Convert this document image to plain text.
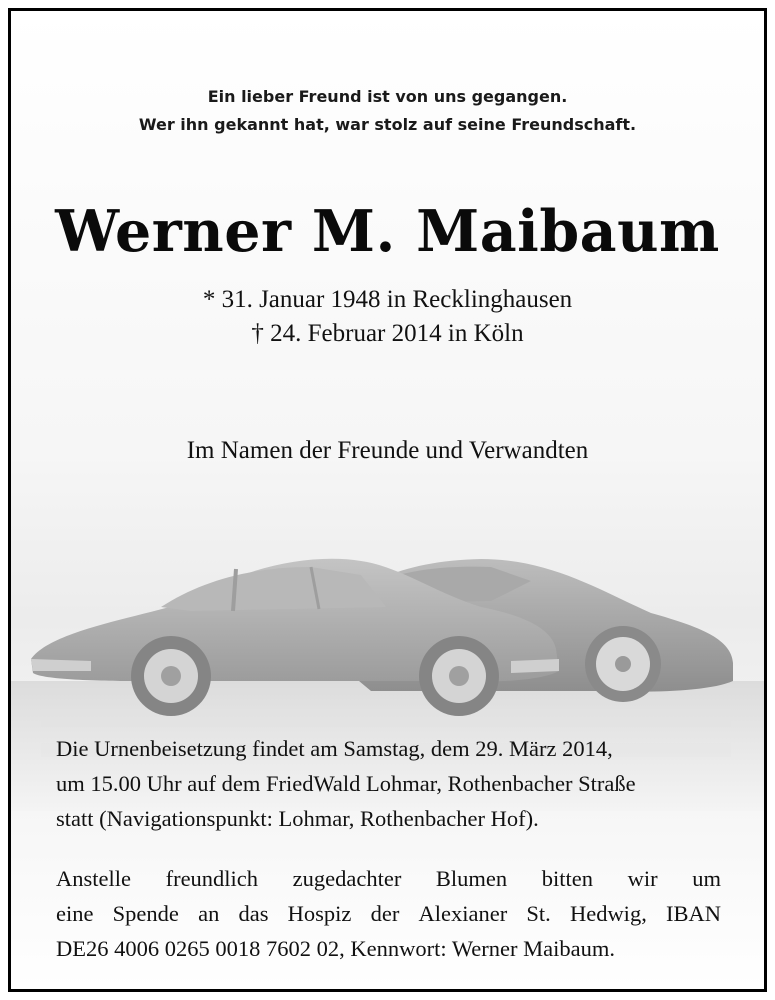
Ein lieber Freund ist von uns gegangen.
Wer ihn gekannt hat, war stolz auf seine Freundschaft.
Werner M. Maibaum
* 31. Januar 1948 in Recklinghausen
† 24. Februar 2014 in Köln
Im Namen der Freunde und Verwandten
Die Urnenbeisetzung findet am Samstag, dem 29. März 2014,
um 15.00 Uhr auf dem FriedWald Lohmar, Rothenbacher Straße
statt (Navigationspunkt: Lohmar, Rothenbacher Hof).
Anstelle freundlich zugedachter Blumen bitten wir um
eine Spende an das Hospiz der Alexianer St. Hedwig, IBAN
DE26 4006 0265 0018 7602 02, Kennwort: Werner Maibaum.
